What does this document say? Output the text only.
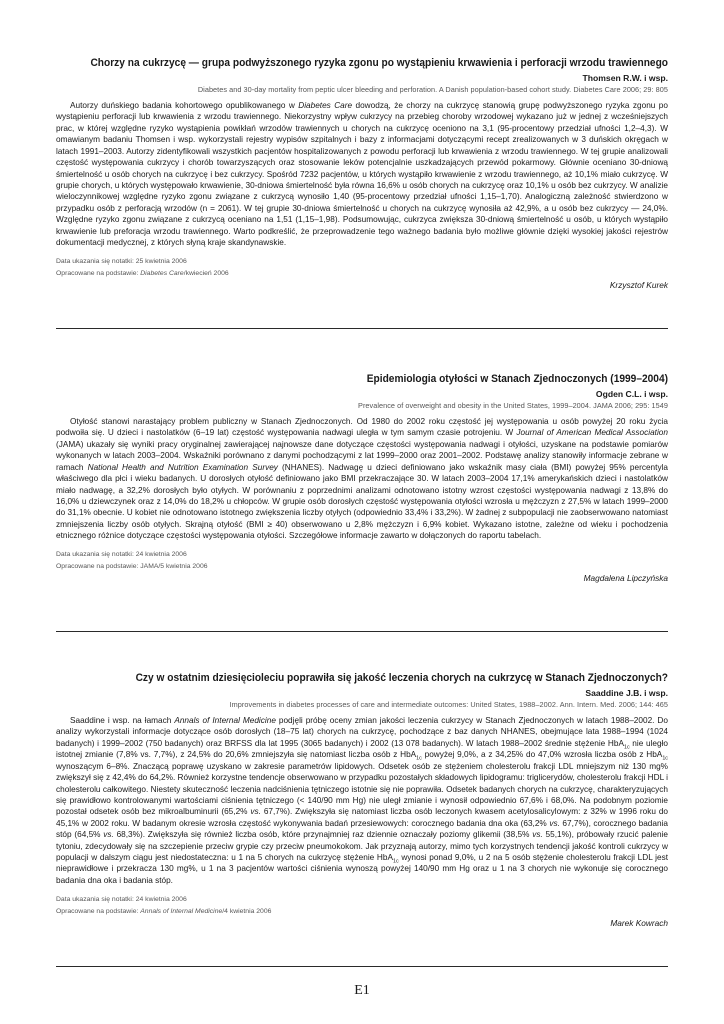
Chorzy na cukrzycę — grupa podwyższonego ryzyka zgonu po wystąpieniu krwawienia i perforacji wrzodu trawiennego
Thomsen R.W. i wsp.
Diabetes and 30-day mortality from peptic ulcer bleeding and perforation. A Danish population-based cohort study. Diabetes Care 2006; 29: 805

Autorzy duńskiego badania kohortowego opublikowanego w Diabetes Care dowodzą, że chorzy na cukrzycę stanowią grupę podwyższonego ryzyka zgonu po wystąpieniu perforacji lub krwawienia z wrzodu trawiennego. Niekorzystny wpływ cukrzycy na przebieg choroby wrzodowej wykazano już w jednej z wcześniejszych prac, w której względne ryzyko wystąpienia powikłań wrzodów trawiennych u chorych na cukrzycę oceniono na 3,1 (95-procentowy przedział ufności 1,2–4,3). W omawianym badaniu Thomsen i wsp. wykorzystali rejestry wypisów szpitalnych i bazy z informacjami dotyczącymi recept zrealizowanych w 3 duńskich okręgach w latach 1991–2003. Autorzy zidentyfikowali wszystkich pacjentów hospitalizowanych z powodu perforacji lub krwawienia z wrzodu trawiennego. W tej grupie analizowali częstość występowania cukrzycy i chorób towarzyszących oraz stosowanie leków potencjalnie uszkadzających przewód pokarmowy. Głównie oceniano 30-dniową śmiertelność u osób chorych na cukrzycę i bez cukrzycy. Spośród 7232 pacjentów, u których wystąpiło krwawienie z wrzodu trawiennego, aż 10,1% miało cukrzycę. W grupie chorych, u których występowało krwawienie, 30-dniowa śmiertelność była równa 16,6% u osób chorych na cukrzycę oraz 10,1% u osób bez cukrzycy. W analizie wieloczynnikowej względne ryzyko zgonu związane z cukrzycą wynosiło 1,40 (95-procentowy przedział ufności 1,15–1,70). Analogiczną zależność stwierdzono w przypadku osób z perforacją wrzodów (n = 2061). W tej grupie 30-dniowa śmiertelność u chorych na cukrzycę wynosiła aż 42,9%, a u osób bez cukrzycy — 24,0%. Względne ryzyko zgonu związane z cukrzycą oceniano na 1,51 (1,15–1,98). Podsumowując, cukrzyca zwiększa 30-dniową śmiertelność u osób, u których wystąpiło krwawienie lub preforacja wrzodu trawiennego. Warto podkreślić, że przeprowadzenie tego ważnego badania było możliwe głównie dzięki wysokiej jakości rejestrów dokumentacji medycznej, z których słyną kraje skandynawskie.

Data ukazania się notatki: 25 kwietnia 2006
Opracowane na podstawie: Diabetes Care/kwiecień 2006
Krzysztof Kurek
Epidemiologia otyłości w Stanach Zjednoczonych (1999–2004)
Ogden C.L. i wsp.
Prevalence of overweight and obesity in the United States, 1999–2004. JAMA 2006; 295: 1549

Otyłość stanowi narastający problem publiczny w Stanach Zjednoczonych. Od 1980 do 2002 roku częstość jej występowania u osób powyżej 20 roku życia podwoiła się. U dzieci i nastolatków (6–19 lat) częstość występowania nadwagi uległa w tym samym czasie potrojeniu. W Journal of American Medical Association (JAMA) ukazały się wyniki pracy oryginalnej zawierającej najnowsze dane dotyczące częstości występowania nadwagi i otyłości, uzyskane na podstawie pomiarów wykonanych w latach 2003–2004. Wskaźniki porównano z danymi pochodzącymi z lat 1999–2000 oraz 2001–2002. Podstawę analizy stanowiły informacje zebrane w ramach National Health and Nutrition Examination Survey (NHANES). Nadwagę u dzieci definiowano jako wskaźnik masy ciała (BMI) powyżej 95% percentyla właściwego dla płci i wieku badanych. U dorosłych otyłość definiowano jako BMI przekraczające 30. W latach 2003–2004 17,1% amerykańskich dzieci i nastolatków miało nadwagę, a 32,2% dorosłych było otyłych. W porównaniu z poprzednimi analizami odnotowano istotny wzrost częstości występowania nadwagi z 13,8% do 16,0% u dziewczynek oraz z 14,0% do 18,2% u chłopców. W grupie osób dorosłych częstość występowania otyłości wzrosła u mężczyzn z 27,5% w latach 1999–2000 do 31,1% obecnie. U kobiet nie odnotowano istotnego zwiększenia liczby otyłych (odpowiednio 33,4% i 33,2%). W żadnej z subpopulacji nie zaobserwowano natomiast zmniejszenia liczby osób otyłych. Skrajną otyłość (BMI ≥ 40) obserwowano u 2,8% mężczyzn i 6,9% kobiet. Wykazano istotne, zależne od wieku i pochodzenia etnicznego różnice dotyczące częstości występowania otyłości. Szczegółowe informacje zawarto w dołączonych do raportu tabelach.

Data ukazania się notatki: 24 kwietnia 2006
Opracowane na podstawie: JAMA/5 kwietnia 2006
Magdalena Lipczyńska
Czy w ostatnim dziesięcioleciu poprawiła się jakość leczenia chorych na cukrzycę w Stanach Zjednoczonych?
Saaddine J.B. i wsp.
Improvements in diabetes processes of care and intermediate outcomes: United States, 1988–2002. Ann. Intern. Med. 2006; 144: 465

Saaddine i wsp. na łamach Annals of Internal Medicine podjęli próbę oceny zmian jakości leczenia cukrzycy w Stanach Zjednoczonych w latach 1988–2002. Do analizy wykorzystali informacje dotyczące osób dorosłych (18–75 lat) chorych na cukrzycę, pochodzące z baz danych NHANES, obejmujące lata 1988–1994 (1024 badanych) i 1999–2002 (750 badanych) oraz BRFSS dla lat 1995 (3065 badanych) i 2002 (13 078 badanych). W latach 1988–2002 średnie stężenie HbA$_{1c}$ nie uległo istotnej zmianie (7,8% vs. 7,7%), z 24,5% do 20,6% zmniejszyła się natomiast liczba osób z HbA$_{1c}$ powyżej 9,0%, a z 34,25% do 47,0% wzrosła liczba osób z HbA$_{1c}$ wynoszącym 6–8%. Znaczącą poprawę uzyskano w zakresie parametrów lipidowych. Odsetek osób ze stężeniem cholesterolu frakcji LDL mniejszym niż 130 mg% zwiększył się z 42,4% do 64,2%. Również korzystne tendencje obserwowano w przypadku pozostałych składowych lipidogramu: triglicerydów, cholesterolu frakcji HDL i cholesterolu całkowitego. Niestety skuteczność leczenia nadciśnienia tętniczego istotnie się nie poprawiła. Odsetek badanych chorych na cukrzycę, charakteryzujących się prawidłowo kontrolowanymi wartościami ciśnienia tętniczego (< 140/90 mm Hg) nie uległ zmianie i wynosił odpowiednio 67,6% i 68,0%. Na podobnym poziomie pozostał odsetek osób bez mikroalbuminurii (65,2% vs. 67,7%). Zwiększyła się natomiast liczba osób leczonych kwasem acetylosalicylowym: z 32% w 1996 roku do 45,1% w 2002 roku. W badanym okresie wzrosła częstość wykonywania badań przesiewowych: corocznego badania dna oka (63,2% vs. 67,7%), corocznego badania stóp (64,5% vs. 68,3%). Zwiększyła się również liczba osób, które przynajmniej raz dziennie oznaczały poziomy glikemii (38,5% vs. 55,1%), próbowały rzucić palenie tytoniu, zdecydowały się na szczepienie przeciw grypie czy przeciw pneumokokom. Jak przyznają autorzy, mimo tych korzystnych tendencji jakość kontroli cukrzycy w populacji w dalszym ciągu jest niedostateczna: u 1 na 5 chorych na cukrzycę stężenie HbA$_{1c}$ wynosi ponad 9,0%, u 2 na 5 osób stężenie cholesterolu frakcji LDL jest nieprawidłowe i przekracza 130 mg%, u 1 na 3 pacjentów wartości ciśnienia wynoszą powyżej 140/90 mm Hg oraz u 1 na 3 chorych nie wykonuje się corocznego badania dna oka i badania stóp.

Data ukazania się notatki: 24 kwietnia 2006
Opracowane na podstawie: Annals of Internal Medicine/4 kwietnia 2006
Marek Kowrach
E1
